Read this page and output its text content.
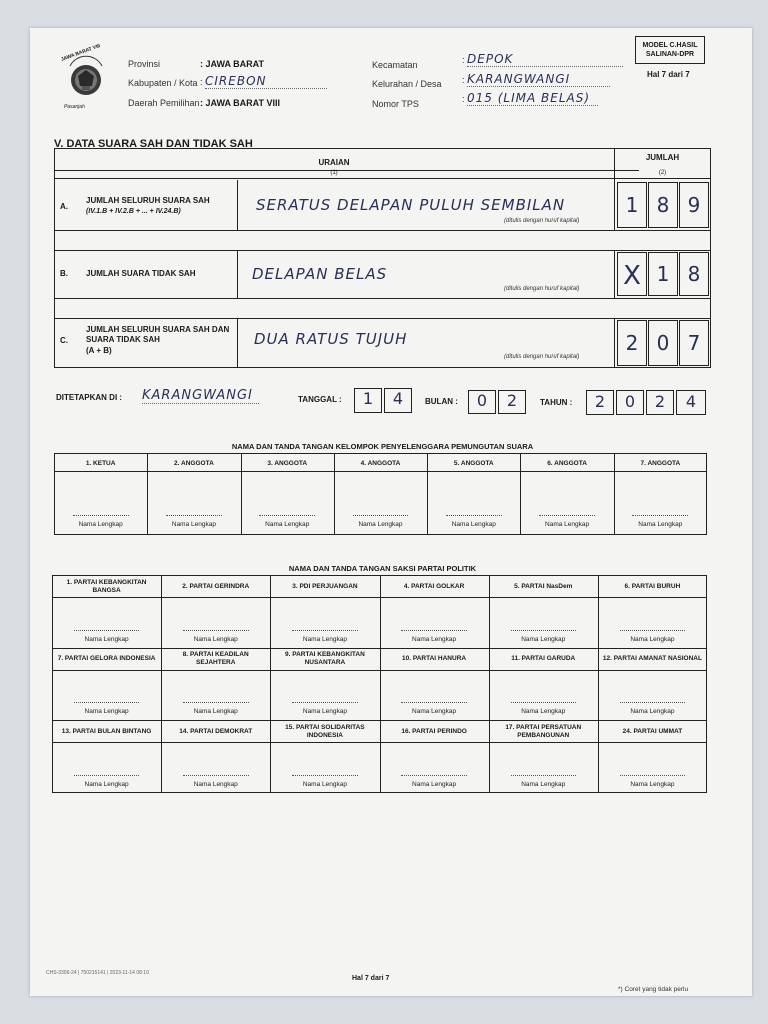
JAWA BARAT VIII
Pasanjah
Provinsi	: JAWA BARAT
Kabupaten / Kota : CIREBON
Daerah Pemilihan : JAWA BARAT VIII
Kecamatan	: DEPOK
Kelurahan / Desa : KARANGWANGI
Nomor TPS	: 015 (LIMA BELAS)
MODEL C.HASIL
SALINAN-DPR
Hal 7 dari 7
V. DATA SUARA SAH DAN TIDAK SAH
URAIAN
JUMLAH
(1)	(2)
A.
JUMLAH SELURUH SUARA SAH
(IV.1.B + IV.2.B + ... + IV.24.B)	SERATUS DELAPAN PULUH SEMBILAN
(ditulis dengan huruf kapital)
1 8 9
B. JUMLAH SUARA TIDAK SAH	DELAPAN BELAS
(ditulis dengan huruf kapital) X 1 8
C.
JUMLAH SELURUH SUARA SAH DAN SUARA TIDAK SAH
(A + B)
DUA RATUS TUJUH
(ditulis dengan huruf kapital)
2 0 7
DITETAPKAN DI : KARANGWANGI	TANGGAL :	1	4	BULAN :	0	2	TAHUN :	2	0	2	4
NAMA DAN TANDA TANGAN KELOMPOK PENYELENGGARA PEMUNGUTAN SUARA
1. KETUA
Nama Lengkap
2. ANGGOTA
Nama Lengkap
3. ANGGOTA
Nama Lengkap
4. ANGGOTA
Nama Lengkap
5. ANGGOTA
Nama Lengkap
6. ANGGOTA
Nama Lengkap
7. ANGGOTA
Nama Lengkap
NAMA DAN TANDA TANGAN SAKSI PARTAI POLITIK
1. PARTAI KEBANGKITAN BANGSA
Nama Lengkap
2. PARTAI GERINDRA
Nama Lengkap
3. PDI PERJUANGAN
Nama Lengkap
4. PARTAI GOLKAR
Nama Lengkap
5. PARTAI NasDem
Nama Lengkap
6. PARTAI BURUH
Nama Lengkap
7. PARTAI GELORA INDONESIA
Nama Lengkap
8. PARTAI KEADILAN SEJAHTERA
Nama Lengkap
9. PARTAI KEBANGKITAN NUSANTARA
Nama Lengkap
10. PARTAI HANURA
Nama Lengkap
11. PARTAI GARUDA
Nama Lengkap
12. PARTAI AMANAT NASIONAL
Nama Lengkap
13. PARTAI BULAN BINTANG
Nama Lengkap
14. PARTAI DEMOKRAT
Nama Lengkap
15. PARTAI SOLIDARITAS INDONESIA
Nama Lengkap
16. PARTAI PERINDO
Nama Lengkap
17. PARTAI PERSATUAN PEMBANGUNAN
Nama Lengkap
24. PARTAI UMMAT
Nama Lengkap
CHS-3306-24 | 750215141 | 2023-11-14 08:10
Hal 7 dari 7
*) Coret yang tidak perlu
